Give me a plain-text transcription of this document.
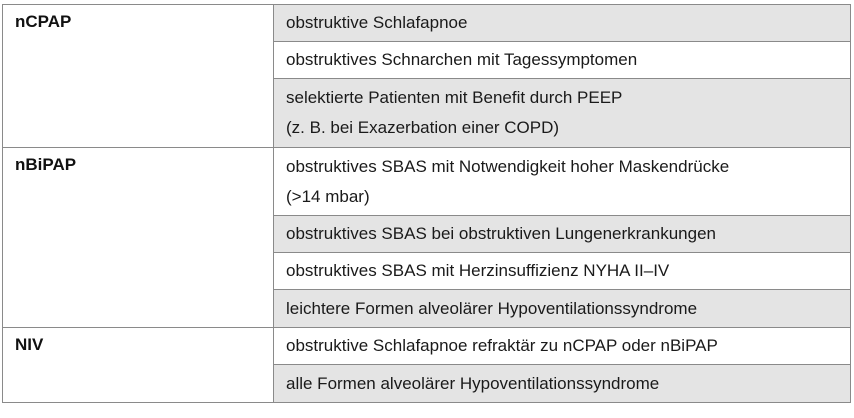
nCPAP	obstruktive Schlafapnoe
obstruktives Schnarchen mit Tagessymptomen
selektierte Patienten mit Benefit durch PEEP
(z. B. bei Exazerbation einer COPD)
nBiPAP	obstruktives SBAS mit Notwendigkeit hoher Maskendrücke
(>14 mbar)
obstruktives SBAS bei obstruktiven Lungenerkrankungen
obstruktives SBAS mit Herzinsuffizienz NYHA II–IV
leichtere Formen alveolärer Hypoventilationssyndrome
NIV	obstruktive Schlafapnoe refraktär zu nCPAP oder nBiPAP
alle Formen alveolärer Hypoventilationssyndrome
